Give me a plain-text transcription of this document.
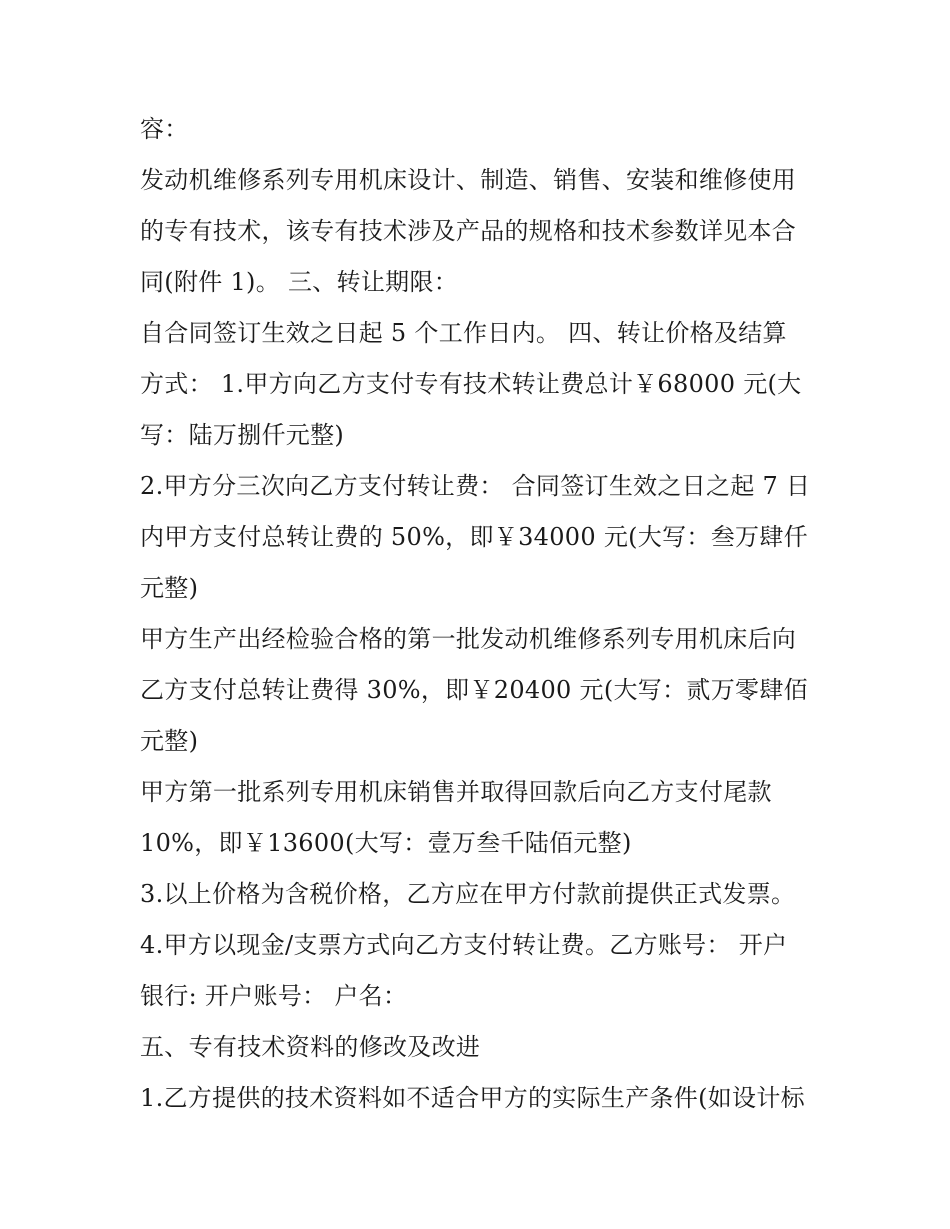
容：
发动机维修系列专用机床设计、制造、销售、安装和维修使用
的专有技术，该专有技术涉及产品的规格和技术参数详见本合
同(附件 1)。 三、转让期限：
自合同签订生效之日起 5 个工作日内。 四、转让价格及结算
方式： 1.甲方向乙方支付专有技术转让费总计￥68000 元(大
写：陆万捌仟元整)
2.甲方分三次向乙方支付转让费： 合同签订生效之日之起 7 日
内甲方支付总转让费的 50%，即￥34000 元(大写：叁万肆仟
元整)
甲方生产出经检验合格的第一批发动机维修系列专用机床后向
乙方支付总转让费得 30%，即￥20400 元(大写：贰万零肆佰
元整)
甲方第一批系列专用机床销售并取得回款后向乙方支付尾款
10%，即￥13600(大写：壹万叁千陆佰元整)
3.以上价格为含税价格，乙方应在甲方付款前提供正式发票。
4.甲方以现金/支票方式向乙方支付转让费。乙方账号： 开户
银行: 开户账号： 户名：
五、专有技术资料的修改及改进
1.乙方提供的技术资料如不适合甲方的实际生产条件(如设计标
